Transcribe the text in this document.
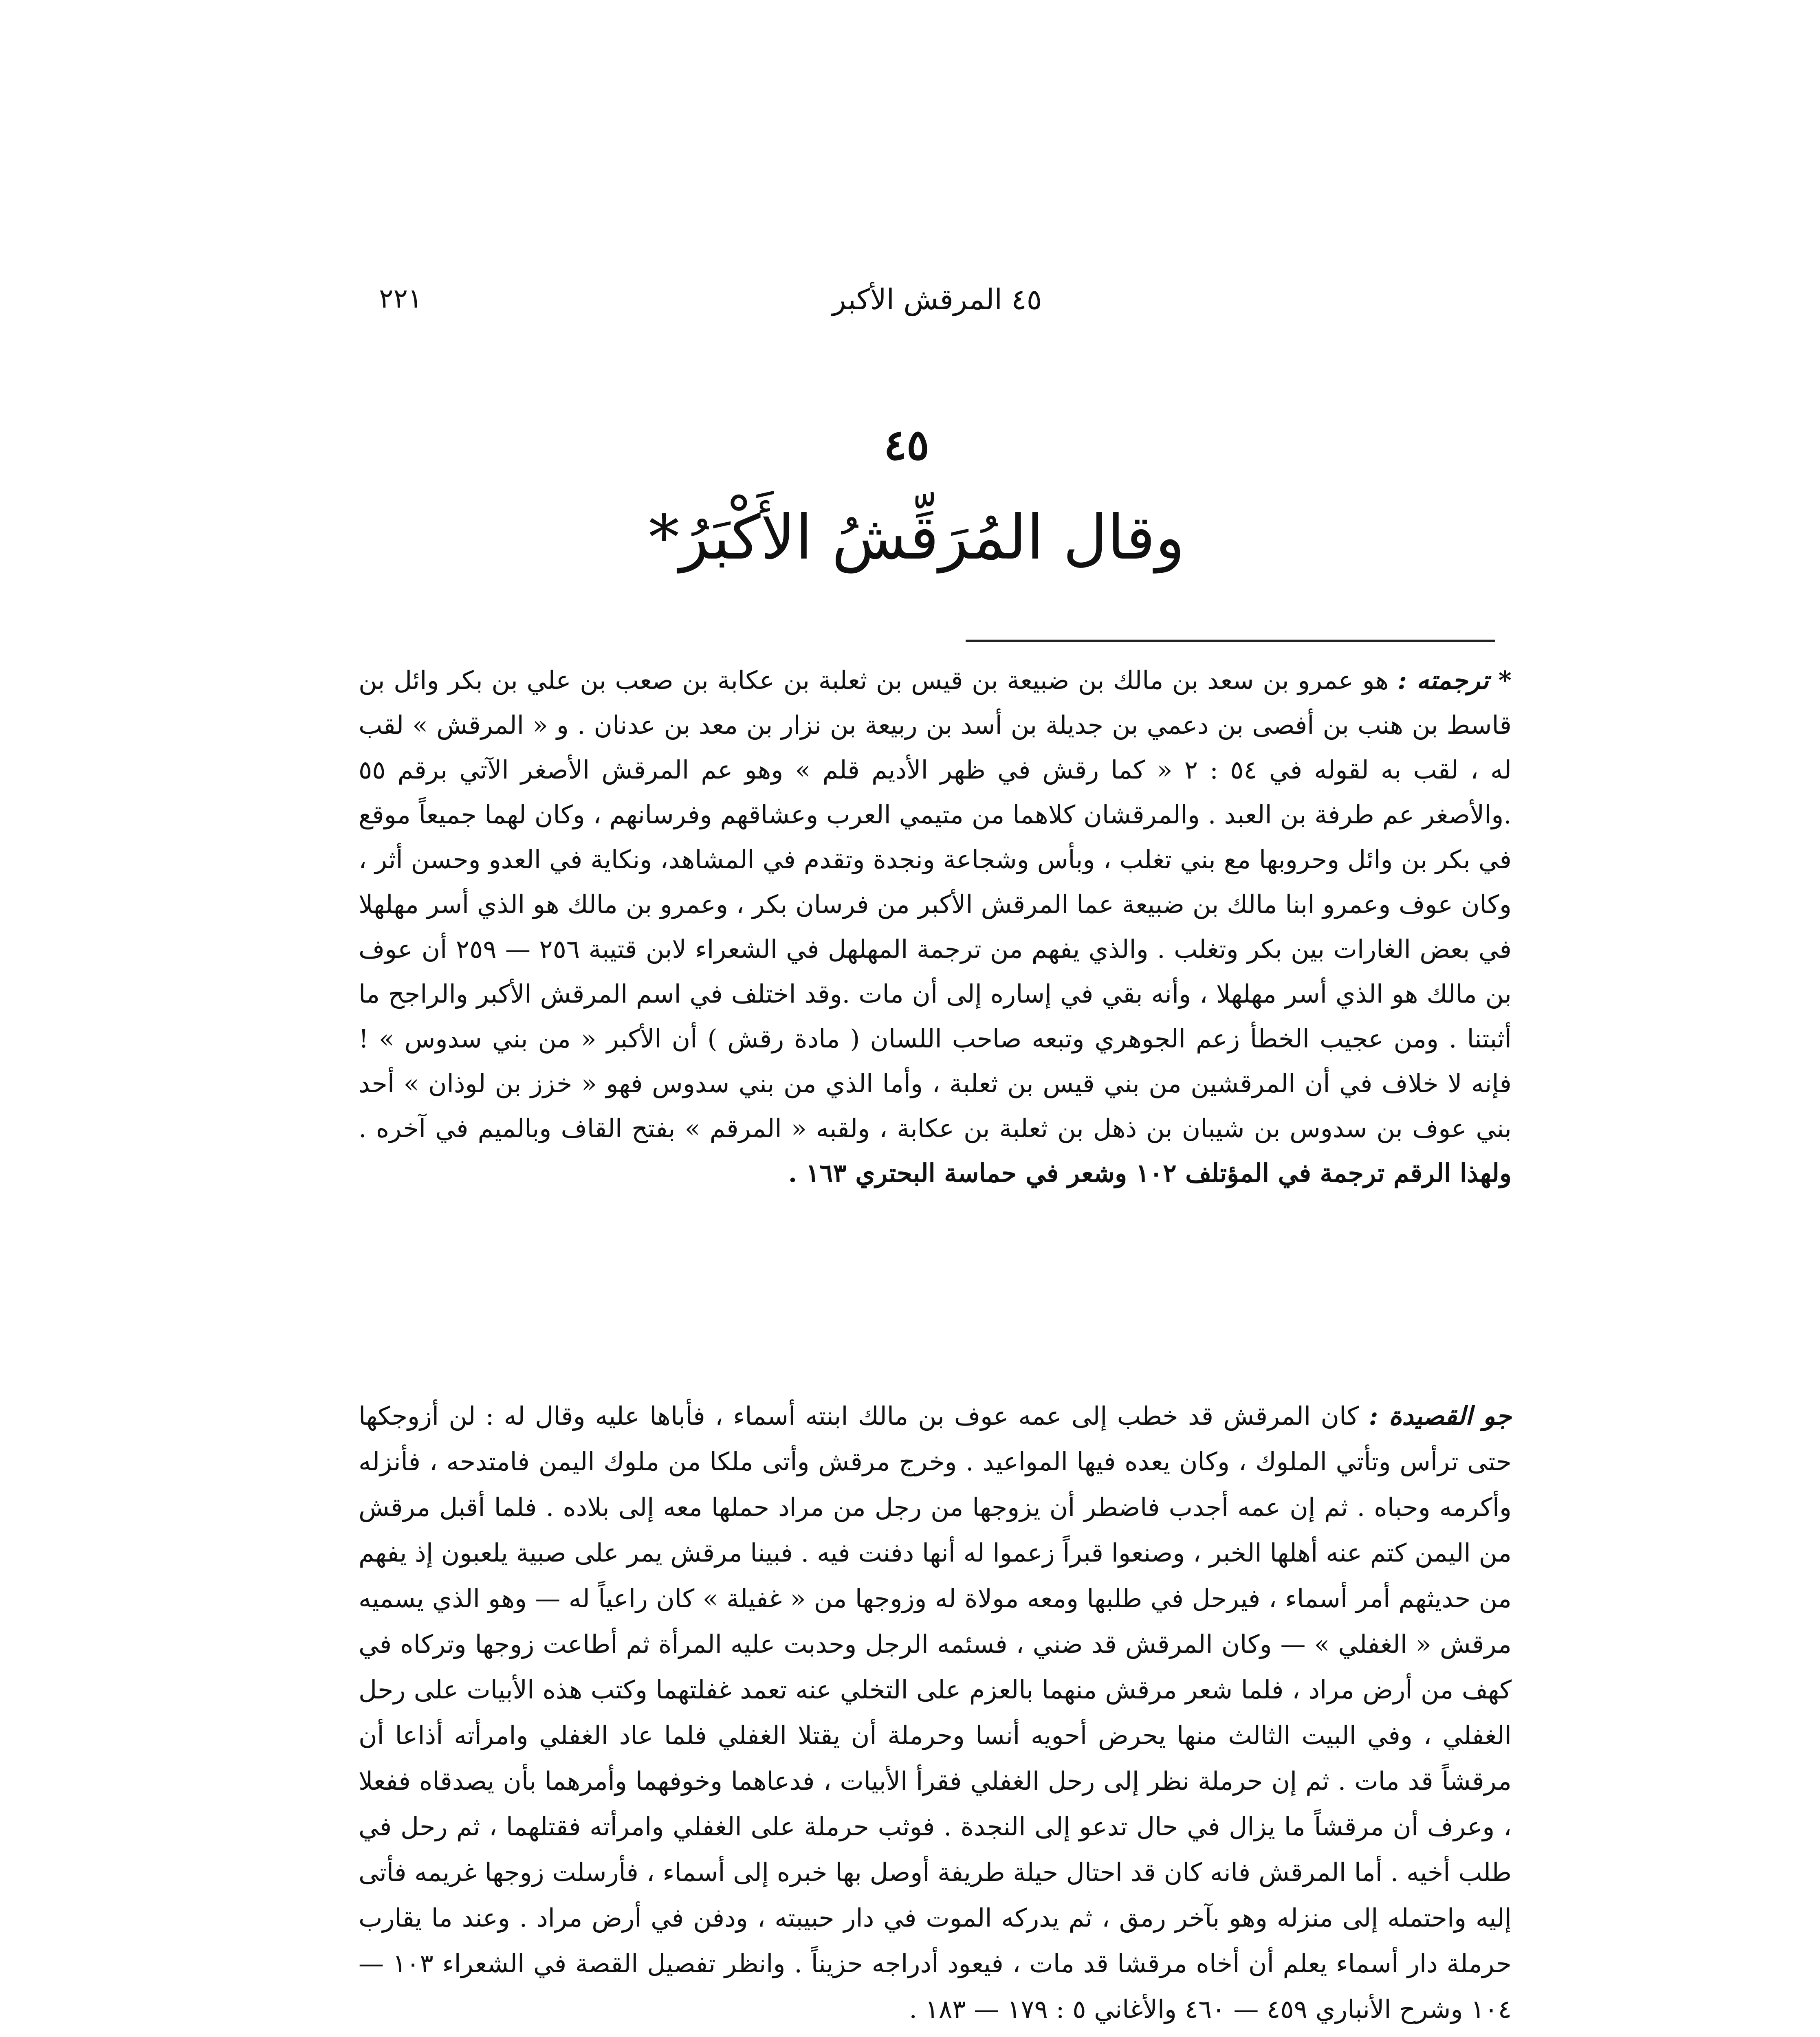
٢٢١	٤٥ المرقش الأكبر
٤٥
وقال المُرَقِّشُ الأَكْبَرُ*
* ترجمته : هو عمرو بن سعد بن مالك بن ضبيعة بن قيس بن ثعلبة بن عكابة بن صعب بن علي بن بكر وائل بن قاسط بن هنب بن أفصى بن دعمي بن جديلة بن أسد بن ربيعة بن نزار بن معد بن عدنان . و « المرقش » لقب له ، لقب به لقوله في ٥٤ : ٢ « كما رقش في ظهر الأديم قلم » وهو عم المرقش الأصغر الآتي برقم ٥٥ .والأصغر عم طرفة بن العبد . والمرقشان كلاهما من متيمي العرب وعشاقهم وفرسانهم ، وكان لهما جميعاً موقع في بكر بن وائل وحروبها مع بني تغلب ، وبأس وشجاعة ونجدة وتقدم في المشاهد، ونكاية في العدو وحسن أثر ، وكان عوف وعمرو ابنا مالك بن ضبيعة عما المرقش الأكبر من فرسان بكر ، وعمرو بن مالك هو الذي أسر مهلهلا في بعض الغارات بين بكر وتغلب . والذي يفهم من ترجمة المهلهل في الشعراء لابن قتيبة ٢٥٦ — ٢٥٩ أن عوف بن مالك هو الذي أسر مهلهلا ، وأنه بقي في إساره إلى أن مات .وقد اختلف في اسم المرقش الأكبر والراجح ما أثبتنا . ومن عجيب الخطأ زعم الجوهري وتبعه صاحب اللسان ( مادة رقش ) أن الأكبر « من بني سدوس » ! فإنه لا خلاف في أن المرقشين من بني قيس بن ثعلبة ، وأما الذي من بني سدوس فهو « خزز بن لوذان » أحد بني عوف بن سدوس بن شيبان بن ذهل بن ثعلبة بن عكابة ، ولقبه « المرقم » بفتح القاف وبالميم في آخره . ولهذا الرقم ترجمة في المؤتلف ١٠٢ وشعر في حماسة البحتري ١٦٣ .
جو القصيدة : كان المرقش قد خطب إلى عمه عوف بن مالك ابنته أسماء ، فأباها عليه وقال له : لن أزوجكها حتى ترأس وتأتي الملوك ، وكان يعده فيها المواعيد . وخرج مرقش وأتى ملكا من ملوك اليمن فامتدحه ، فأنزله وأكرمه وحباه . ثم إن عمه أجدب فاضطر أن يزوجها من رجل من مراد حملها معه إلى بلاده . فلما أقبل مرقش من اليمن كتم عنه أهلها الخبر ، وصنعوا قبراً زعموا له أنها دفنت فيه . فبينا مرقش يمر على صبية يلعبون إذ يفهم من حديثهم أمر أسماء ، فيرحل في طلبها ومعه مولاة له وزوجها من « غفيلة » كان راعياً له — وهو الذي يسميه مرقش « الغفلي » — وكان المرقش قد ضني ، فسئمه الرجل وحدبت عليه المرأة ثم أطاعت زوجها وتركاه في كهف من أرض مراد ، فلما شعر مرقش منهما بالعزم على التخلي عنه تعمد غفلتهما وكتب هذه الأبيات على رحل الغفلي ، وفي البيت الثالث منها يحرض أحويه أنسا وحرملة أن يقتلا الغفلي فلما عاد الغفلي وامرأته أذاعا أن مرقشاً قد مات . ثم إن حرملة نظر إلى رحل الغفلي فقرأ الأبيات ، فدعاهما وخوفهما وأمرهما بأن يصدقاه ففعلا ، وعرف أن مرقشاً ما يزال في حال تدعو إلى النجدة . فوثب حرملة على الغفلي وامرأته فقتلهما ، ثم رحل في طلب أخيه . أما المرقش فانه كان قد احتال حيلة طريفة أوصل بها خبره إلى أسماء ، فأرسلت زوجها غريمه فأتى إليه واحتمله إلى منزله وهو بآخر رمق ، ثم يدركه الموت في دار حبيبته ، ودفن في أرض مراد . وعند ما يقارب حرملة دار أسماء يعلم أن أخاه مرقشا قد مات ، فيعود أدراجه حزيناً . وانظر تفصيل القصة في الشعراء ١٠٣ — ١٠٤ وشرح الأنباري ٤٥٩ — ٤٦٠ والأغاني ٥ : ١٧٩ — ١٨٣ .
